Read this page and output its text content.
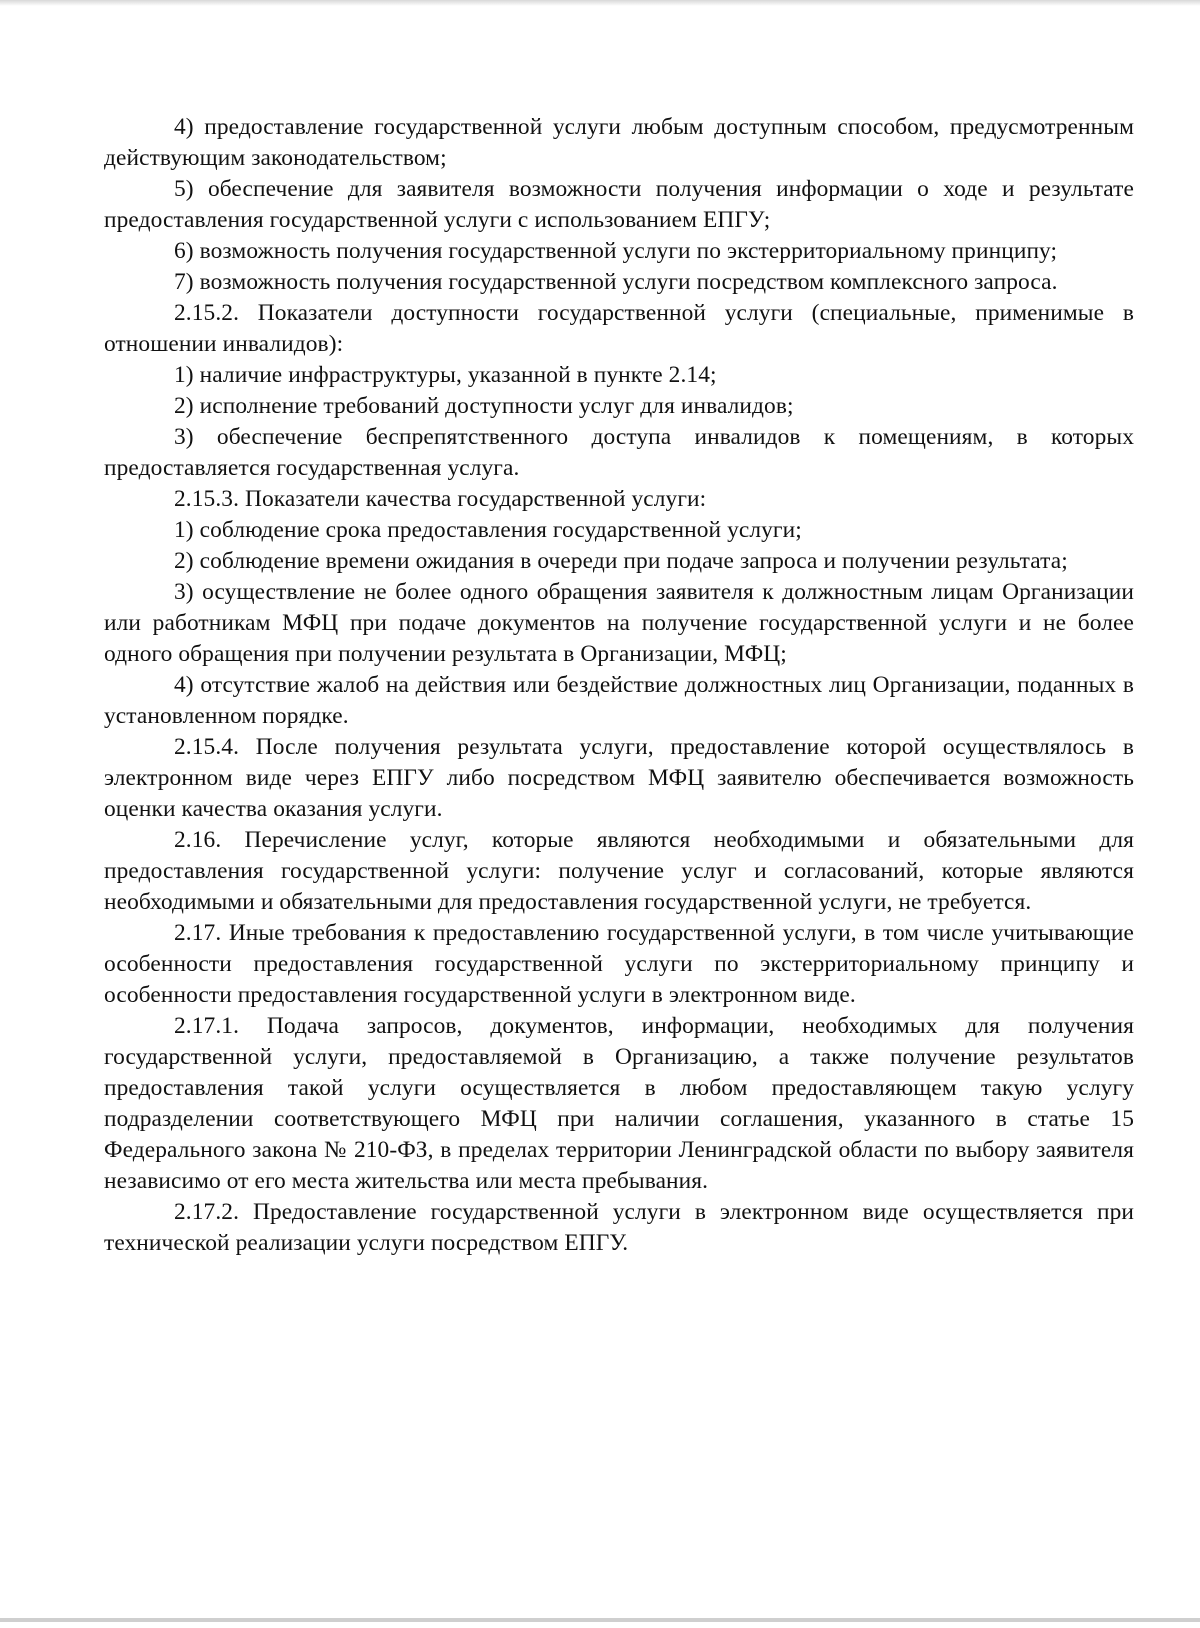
4) предоставление государственной услуги любым доступным способом, предусмотренным действующим законодательством;

5) обеспечение для заявителя возможности получения информации о ходе и результате предоставления государственной услуги с использованием ЕПГУ;

6) возможность получения государственной услуги по экстерриториальному принципу;

7) возможность получения государственной услуги посредством комплексного запроса.

2.15.2. Показатели доступности государственной услуги (специальные, применимые в отношении инвалидов):

1) наличие инфраструктуры, указанной в пункте 2.14;

2) исполнение требований доступности услуг для инвалидов;

3) обеспечение беспрепятственного доступа инвалидов к помещениям, в которых предоставляется государственная услуга.

2.15.3. Показатели качества государственной услуги:

1) соблюдение срока предоставления государственной услуги;

2) соблюдение времени ожидания в очереди при подаче запроса и получении результата;

3) осуществление не более одного обращения заявителя к должностным лицам Организации или работникам МФЦ при подаче документов на получение государственной услуги и не более одного обращения при получении результата в Организации, МФЦ;

4) отсутствие жалоб на действия или бездействие должностных лиц Организации, поданных в установленном порядке.

2.15.4. После получения результата услуги, предоставление которой осуществлялось в электронном виде через ЕПГУ либо посредством МФЦ заявителю обеспечивается возможность оценки качества оказания услуги.

2.16. Перечисление услуг, которые являются необходимыми и обязательными для предоставления государственной услуги: получение услуг и согласований, которые являются необходимыми и обязательными для предоставления государственной услуги, не требуется.

2.17. Иные требования к предоставлению государственной услуги, в том числе учитывающие особенности предоставления государственной услуги по экстерриториальному принципу и особенности предоставления государственной услуги в электронном виде.

2.17.1. Подача запросов, документов, информации, необходимых для получения государственной услуги, предоставляемой в Организацию, а также получение результатов предоставления такой услуги осуществляется в любом предоставляющем такую услугу подразделении соответствующего МФЦ при наличии соглашения, указанного в статье 15 Федерального закона № 210-ФЗ, в пределах территории Ленинградской области по выбору заявителя независимо от его места жительства или места пребывания.

2.17.2. Предоставление государственной услуги в электронном виде осуществляется при технической реализации услуги посредством ЕПГУ.
